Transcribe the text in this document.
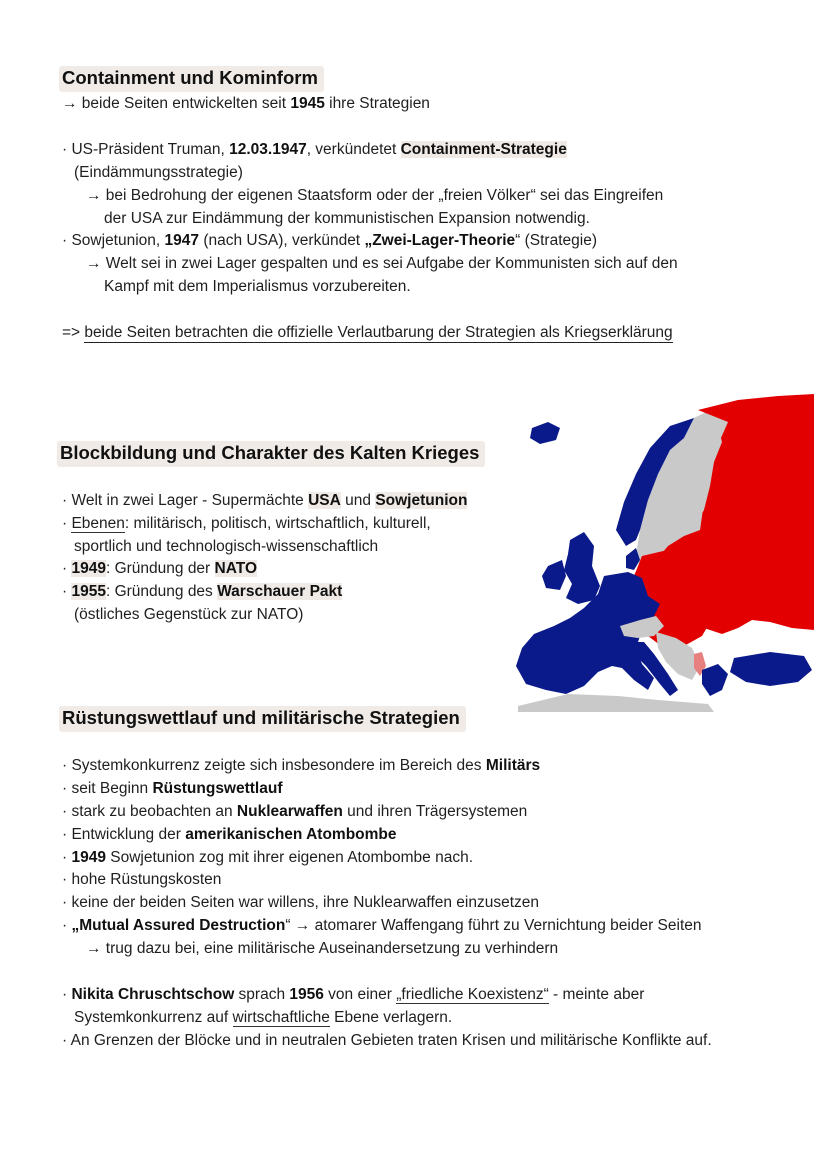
Containment und Kominform
→ beide Seiten entwickelten seit 1945 ihre Strategien
· US-Präsident Truman, 12.03.1947, verkündetet Containment-Strategie
(Eindämmungsstrategie)
→ bei Bedrohung der eigenen Staatsform oder der „freien Völker“ sei das Eingreifen
der USA zur Eindämmung der kommunistischen Expansion notwendig.
· Sowjetunion, 1947 (nach USA), verkündet „Zwei-Lager-Theorie“ (Strategie)
→ Welt sei in zwei Lager gespalten und es sei Aufgabe der Kommunisten sich auf den
Kampf mit dem Imperialismus vorzubereiten.
=> beide Seiten betrachten die offizielle Verlautbarung der Strategien als Kriegserklärung
Blockbildung und Charakter des Kalten Krieges
· Welt in zwei Lager - Supermächte USA und Sowjetunion
· Ebenen: militärisch, politisch, wirtschaftlich, kulturell,
sportlich und technologisch-wissenschaftlich
· 1949: Gründung der NATO
· 1955: Gründung des Warschauer Pakt
(östliches Gegenstück zur NATO)
Rüstungswettlauf und militärische Strategien
· Systemkonkurrenz zeigte sich insbesondere im Bereich des Militärs
· seit Beginn Rüstungswettlauf
· stark zu beobachten an Nuklearwaffen und ihren Trägersystemen
· Entwicklung der amerikanischen Atombombe
· 1949 Sowjetunion zog mit ihrer eigenen Atombombe nach.
· hohe Rüstungskosten
· keine der beiden Seiten war willens, ihre Nuklearwaffen einzusetzen
· „Mutual Assured Destruction“ → atomarer Waffengang führt zu Vernichtung beider Seiten
→ trug dazu bei, eine militärische Auseinandersetzung zu verhindern
· Nikita Chruschtschow sprach 1956 von einer „friedliche Koexistenz“ - meinte aber
Systemkonkurrenz auf wirtschaftliche Ebene verlagern.
· An Grenzen der Blöcke und in neutralen Gebieten traten Krisen und militärische Konflikte auf.
